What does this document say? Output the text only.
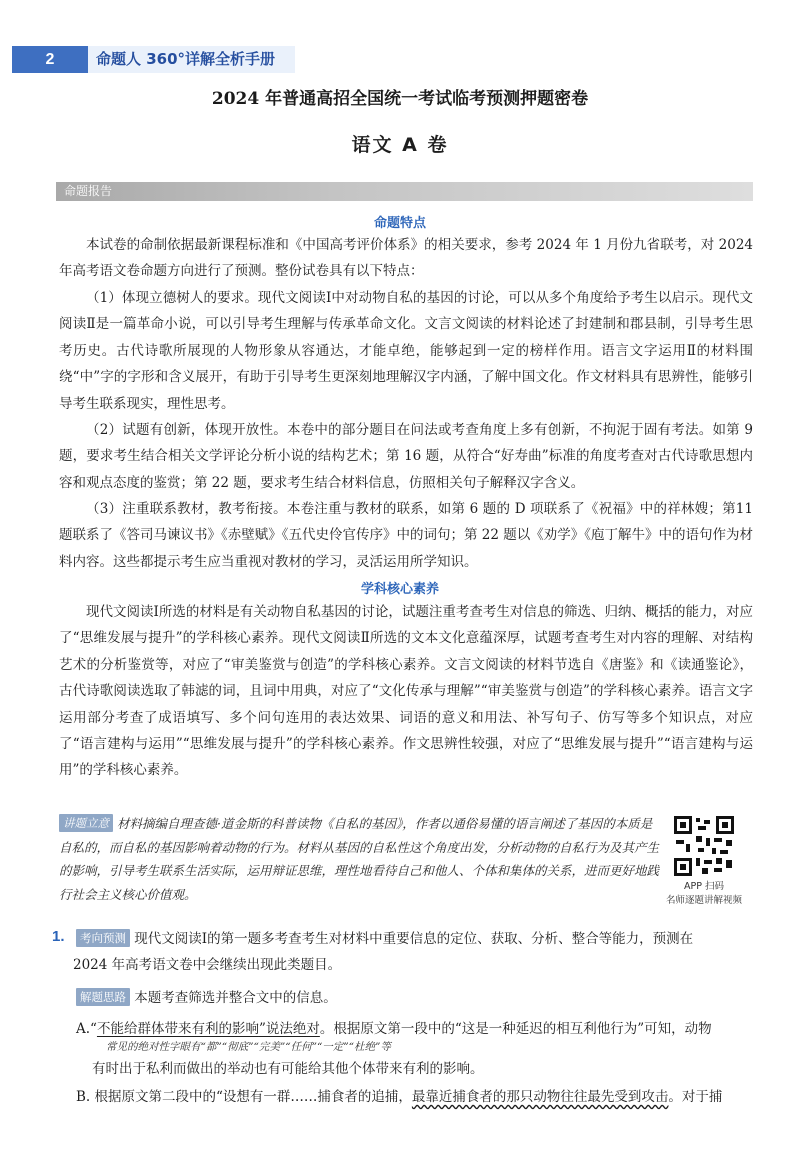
2	命题人 360°详解全析手册
2024 年普通高招全国统一考试临考预测押题密卷
语文 A 卷
命题报告
命题特点

本试卷的命制依据最新课程标准和《中国高考评价体系》的相关要求，参考 2024 年 1 月份九省联考，对 2024 年高考语文卷命题方向进行了预测。整份试卷具有以下特点：

（1）体现立德树人的要求。现代文阅读Ⅰ中对动物自私的基因的讨论，可以从多个角度给予考生以启示。现代文阅读Ⅱ是一篇革命小说，可以引导考生理解与传承革命文化。文言文阅读的材料论述了封建制和郡县制，引导考生思考历史。古代诗歌所展现的人物形象从容通达，才能卓绝，能够起到一定的榜样作用。语言文字运用Ⅱ的材料围绕“中”字的字形和含义展开，有助于引导考生更深刻地理解汉字内涵，了解中国文化。作文材料具有思辨性，能够引导考生联系现实，理性思考。

（2）试题有创新，体现开放性。本卷中的部分题目在问法或考查角度上多有创新，不拘泥于固有考法。如第 9 题，要求考生结合相关文学评论分析小说的结构艺术；第 16 题，从符合“好寿曲”标准的角度考查对古代诗歌思想内容和观点态度的鉴赏；第 22 题，要求考生结合材料信息，仿照相关句子解释汉字含义。

（3）注重联系教材，教考衔接。本卷注重与教材的联系，如第 6 题的 D 项联系了《祝福》中的祥林嫂；第11 题联系了《答司马谏议书》《赤壁赋》《五代史伶官传序》中的词句；第 22 题以《劝学》《庖丁解牛》中的语句作为材料内容。这些都提示考生应当重视对教材的学习，灵活运用所学知识。

学科核心素养

现代文阅读Ⅰ所选的材料是有关动物自私基因的讨论，试题注重考查考生对信息的筛选、归纳、概括的能力，对应了“思维发展与提升”的学科核心素养。现代文阅读Ⅱ所选的文本文化意蕴深厚，试题考查考生对内容的理解、对结构艺术的分析鉴赏等，对应了“审美鉴赏与创造”的学科核心素养。文言文阅读的材料节选自《唐鉴》和《读通鉴论》，古代诗歌阅读选取了韩滤的词，且词中用典，对应了“文化传承与理解”“审美鉴赏与创造”的学科核心素养。语言文字运用部分考查了成语填写、多个问句连用的表达效果、词语的意义和用法、补写句子、仿写等多个知识点，对应了“语言建构与运用”“思维发展与提升”的学科核心素养。作文思辨性较强，对应了“思维发展与提升”“语言建构与运用”的学科核心素养。

讲题立意 材料摘编自理查德·道金斯的科普读物《自私的基因》，作者以通俗易懂的语言阐述了基因的本质是自私的，而自私的基因影响着动物的行为。材料从基因的自私性这个角度出发，分析动物的自私行为及其产生的影响，引导考生联系生活实际，运用辩证思维，理性地看待自己和他人、个体和集体的关系，进而更好地践行社会主义核心价值观。	APP 扫码
名师逐题讲解视频
1.	考向预测 现代文阅读Ⅰ的第一题多考查考生对材料中重要信息的定位、获取、分析、整合等能力，预测在
2024 年高考语文卷中会继续出现此类题目。

解题思路 本题考查筛选并整合文中的信息。

A.“不能给群体带来有利的影响”说法绝对。根据原文第一段中的“这是一种延迟的相互利他行为”可知，动物

常见的绝对性字眼有“都”“彻底”“完美”“任何”“一定”“杜绝”等

有时出于私利而做出的举动也有可能给其他个体带来有利的影响。

B. 根据原文第二段中的“设想有一群……捕食者的追捕，最靠近捕食者的那只动物往往最先受到攻击。对于捕
